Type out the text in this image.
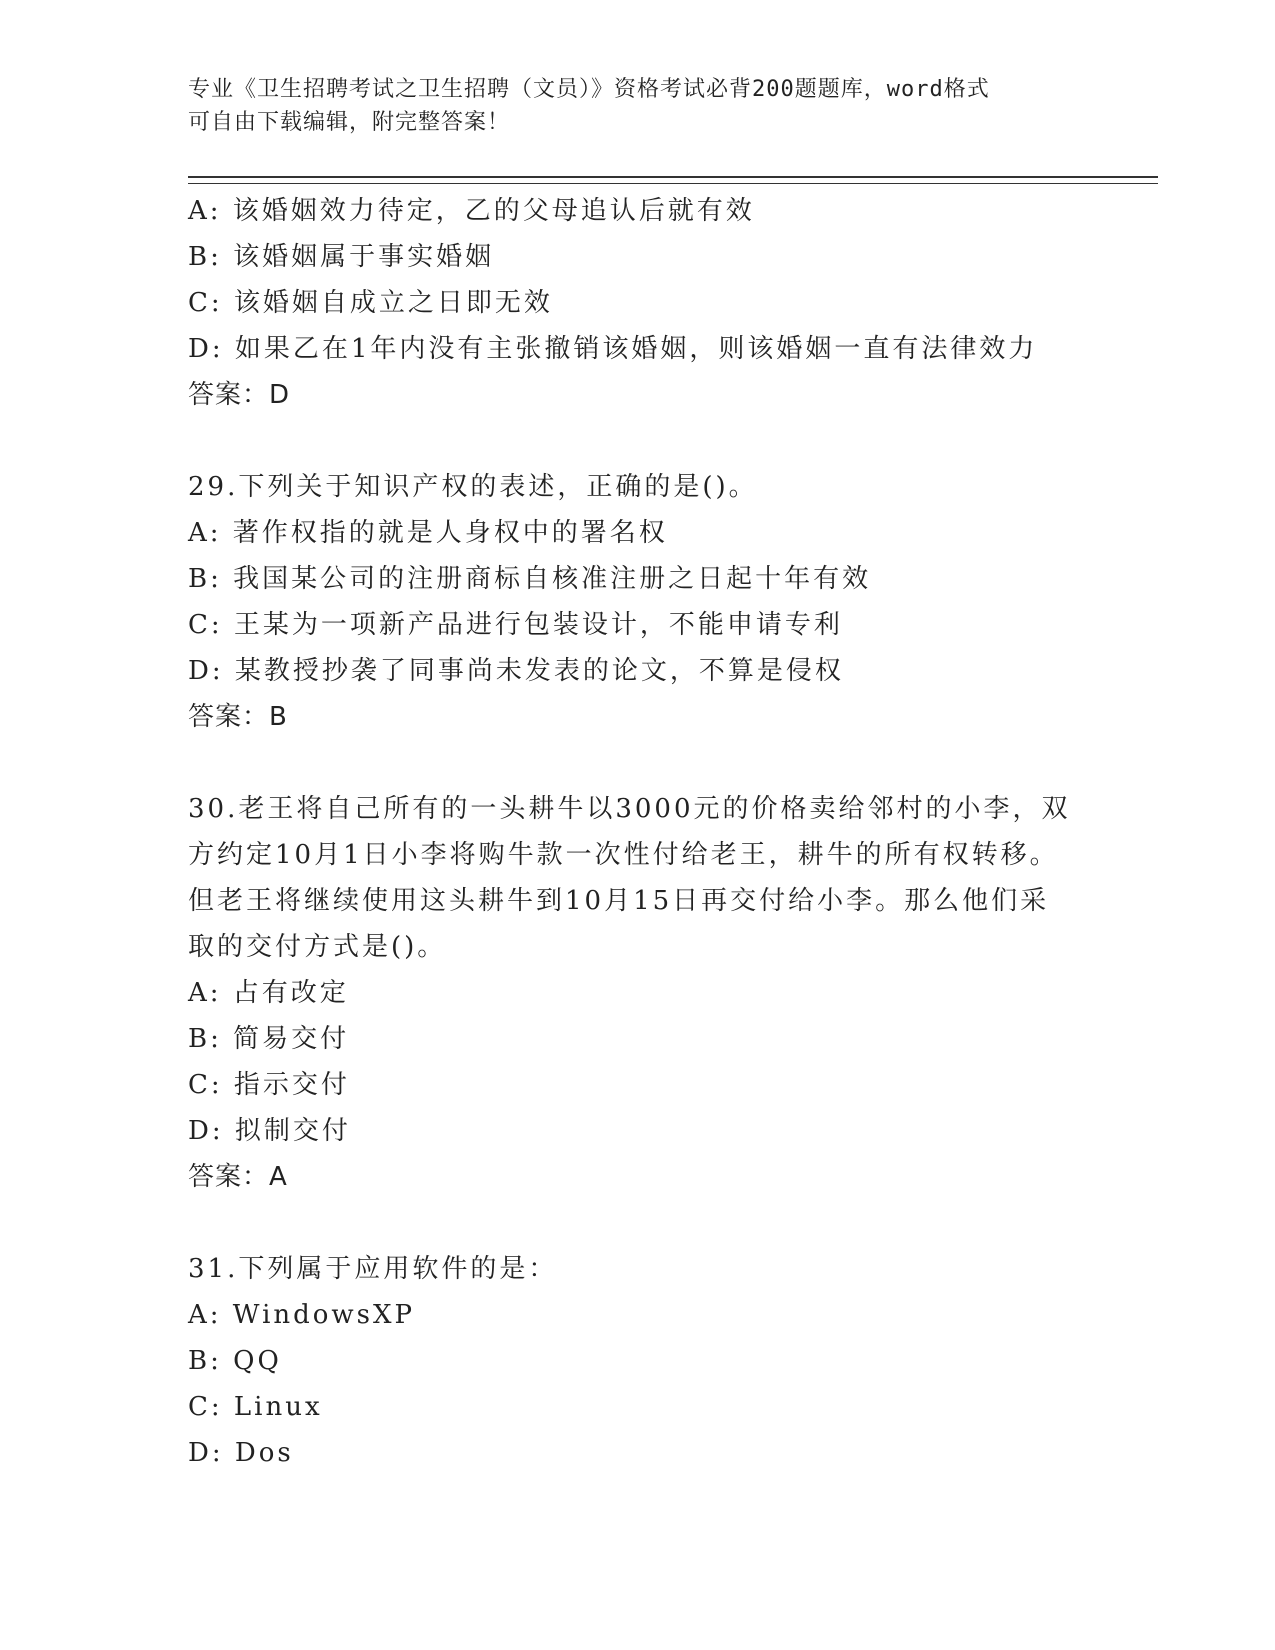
专业《卫生招聘考试之卫生招聘（文员）》资格考试必背200题题库，word格式
可自由下载编辑，附完整答案！
A: 该婚姻效力待定，乙的父母追认后就有效
B: 该婚姻属于事实婚姻
C: 该婚姻自成立之日即无效
D: 如果乙在1年内没有主张撤销该婚姻，则该婚姻一直有法律效力
答案：D
29.下列关于知识产权的表述，正确的是()。
A: 著作权指的就是人身权中的署名权
B: 我国某公司的注册商标自核准注册之日起十年有效
C: 王某为一项新产品进行包装设计，不能申请专利
D: 某教授抄袭了同事尚未发表的论文，不算是侵权
答案：B
30.老王将自己所有的一头耕牛以3000元的价格卖给邻村的小李，双
方约定10月1日小李将购牛款一次性付给老王，耕牛的所有权转移。
但老王将继续使用这头耕牛到10月15日再交付给小李。那么他们采
取的交付方式是()。
A: 占有改定
B: 简易交付
C: 指示交付
D: 拟制交付
答案：A
31.下列属于应用软件的是：
A: WindowsXP
B: QQ
C: Linux
D: Dos
